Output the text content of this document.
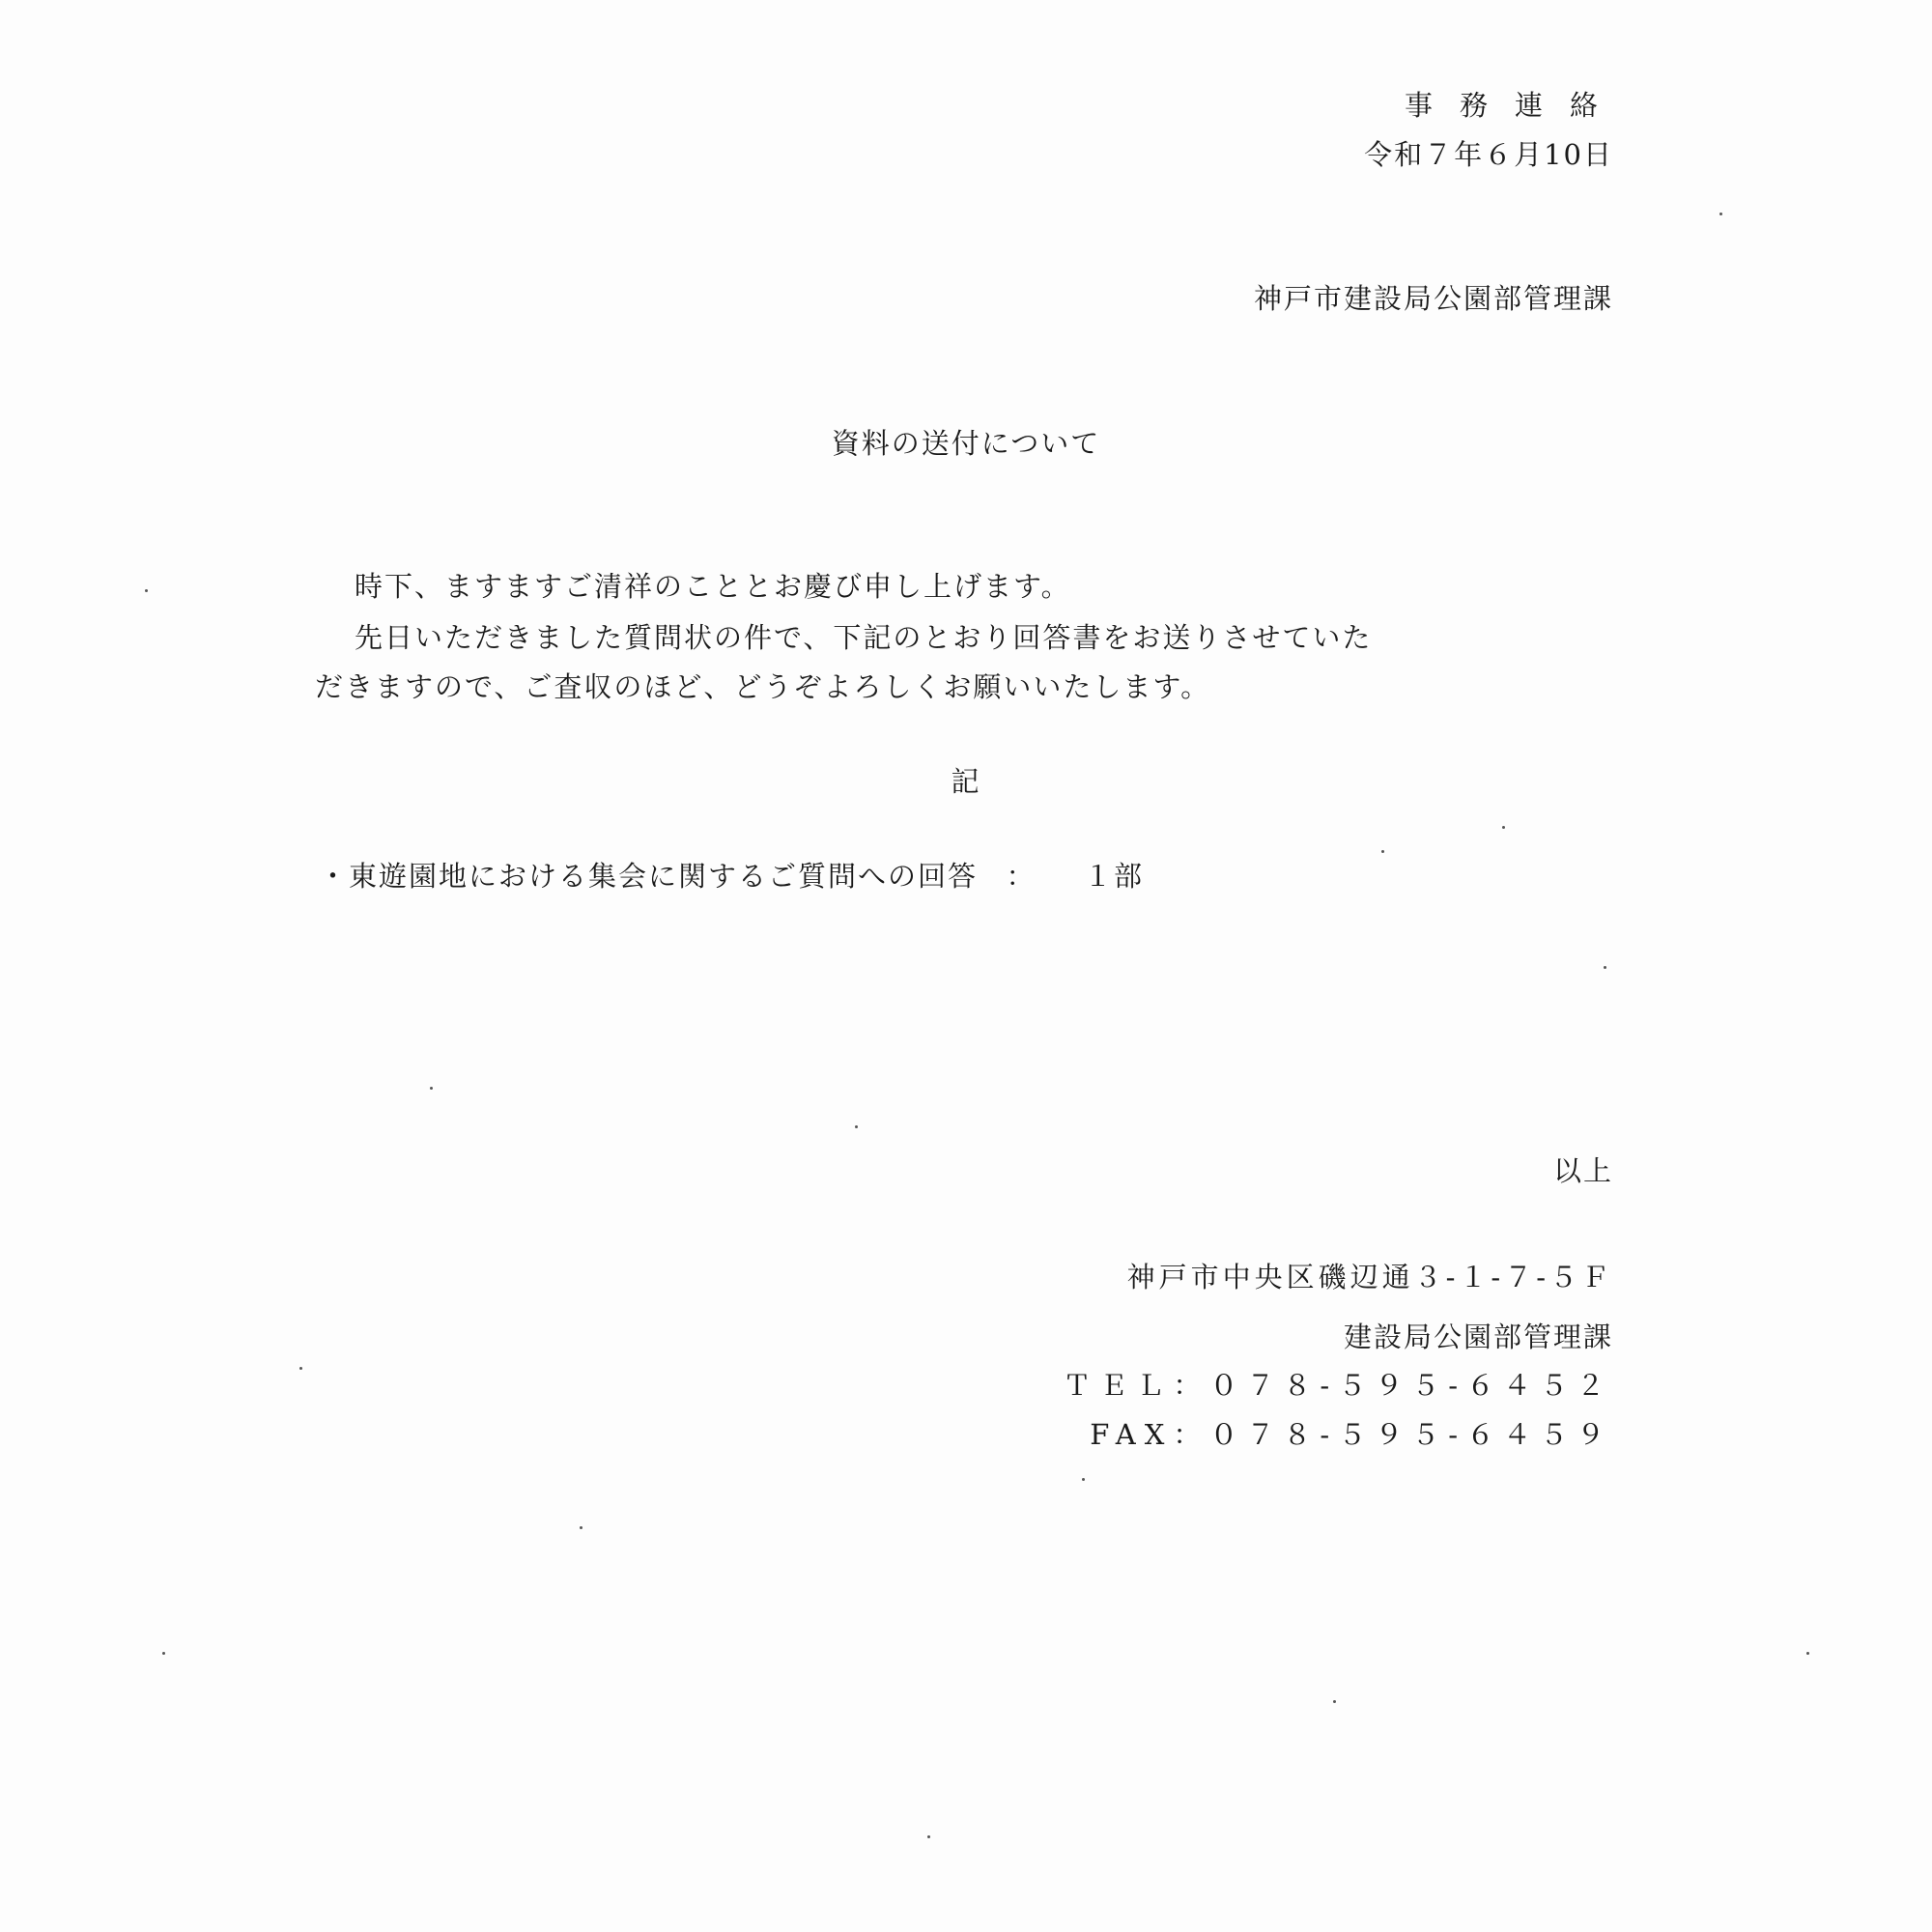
事務連絡
令和７年６月10日
神戸市建設局公園部管理課
資料の送付について
時下、ますますご清祥のこととお慶び申し上げます。
先日いただきました質問状の件で、下記のとおり回答書をお送りさせていた
だきますので、ご査収のほど、どうぞよろしくお願いいたします。
記
・東遊園地における集会に関するご質問への回答 ： １部
以上
神戸市中央区磯辺通３-１-７-５Ｆ
建設局公園部管理課
ＴＥＬ：０７８-５９５-６４５２
FAX：０７８-５９５-６４５９
